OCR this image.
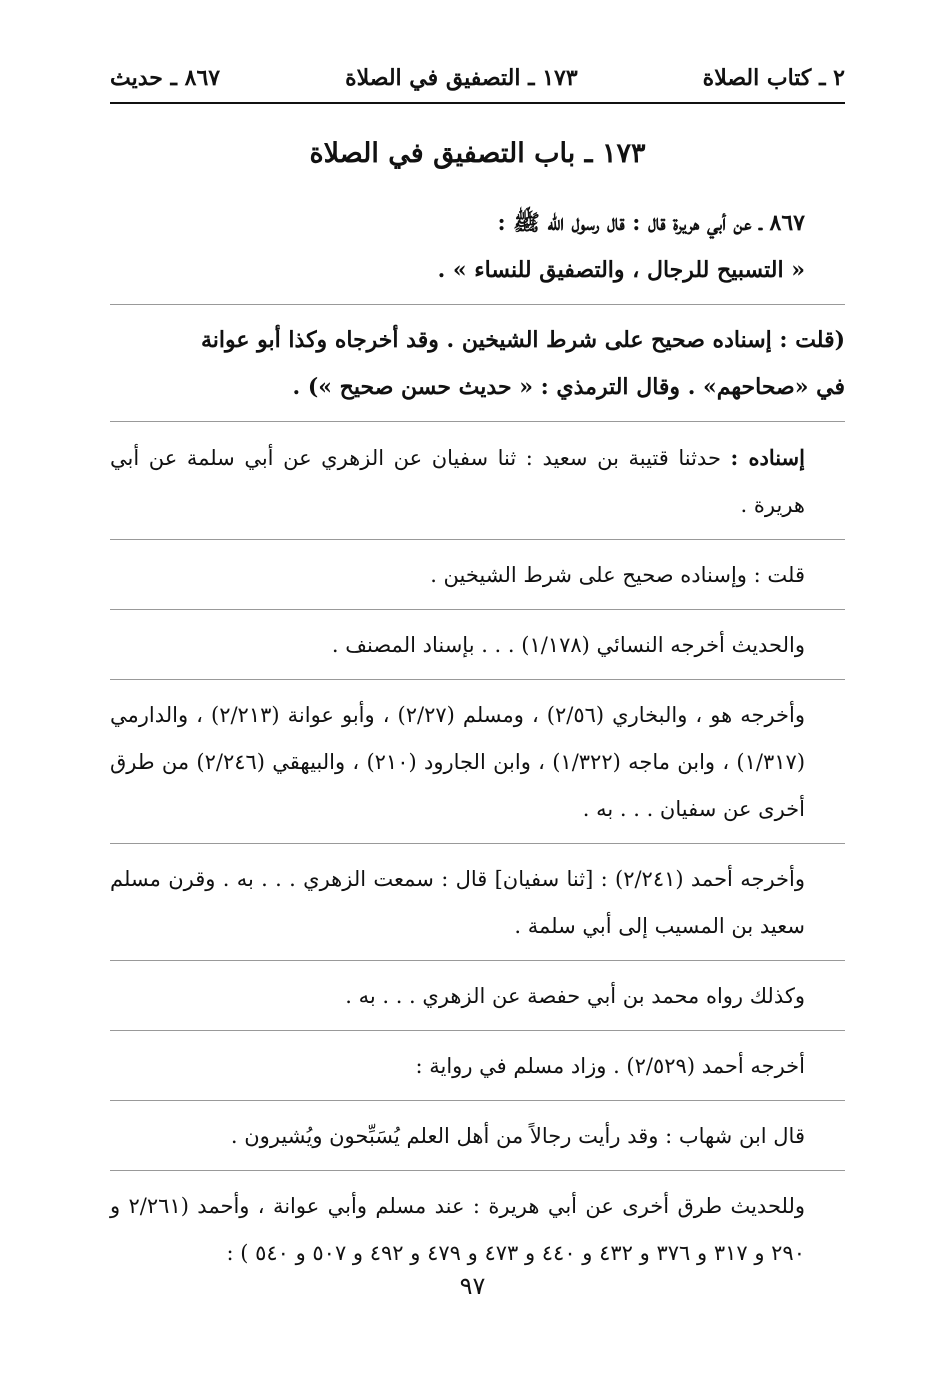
٢ ـ كتاب الصلاة
١٧٣ ـ التصفيق في الصلاة
٨٦٧ ـ حديث
١٧٣ ـ باب التصفيق في الصلاة

٨٦٧ ـ عن أبي هريرة قال : قال رسول الله ﷺ :

« التسبيح للرجال ، والتصفيق للنساء » .

(قلت : إسناده صحيح على شرط الشيخين . وقد أخرجاه وكذا أبو عوانة

في «صحاحهم» . وقال الترمذي : « حديث حسن صحيح ») .

إسناده : حدثنا قتيبة بن سعيد : ثنا سفيان عن الزهري عن أبي سلمة عن أبي هريرة .

قلت : وإسناده صحيح على شرط الشيخين .

والحديث أخرجه النسائي (١/١٧٨) . . . بإسناد المصنف .

وأخرجه هو ، والبخاري (٢/٥٦) ، ومسلم (٢/٢٧) ، وأبو عوانة (٢/٢١٣) ، والدارمي (١/٣١٧) ، وابن ماجه (١/٣٢٢) ، وابن الجارود (٢١٠) ، والبيهقي (٢/٢٤٦) من طرق أخرى عن سفيان . . . به .

وأخرجه أحمد (٢/٢٤١) : [ثنا سفيان] قال : سمعت الزهري . . . به . وقرن مسلم سعيد بن المسيب إلى أبي سلمة .

وكذلك رواه محمد بن أبي حفصة عن الزهري . . . به .

أخرجه أحمد (٢/٥٢٩) . وزاد مسلم في رواية :

قال ابن شهاب : وقد رأيت رجالاً من أهل العلم يُسَبِّحون ويُشيرون .

وللحديث طرق أخرى عن أبي هريرة : عند مسلم وأبي عوانة ، وأحمد (٢/٢٦١ و ٢٩٠ و ٣١٧ و ٣٧٦ و ٤٣٢ و ٤٤٠ و ٤٧٣ و ٤٧٩ و ٤٩٢ و ٥٠٧ و ٥٤٠ ) :

٩٧
